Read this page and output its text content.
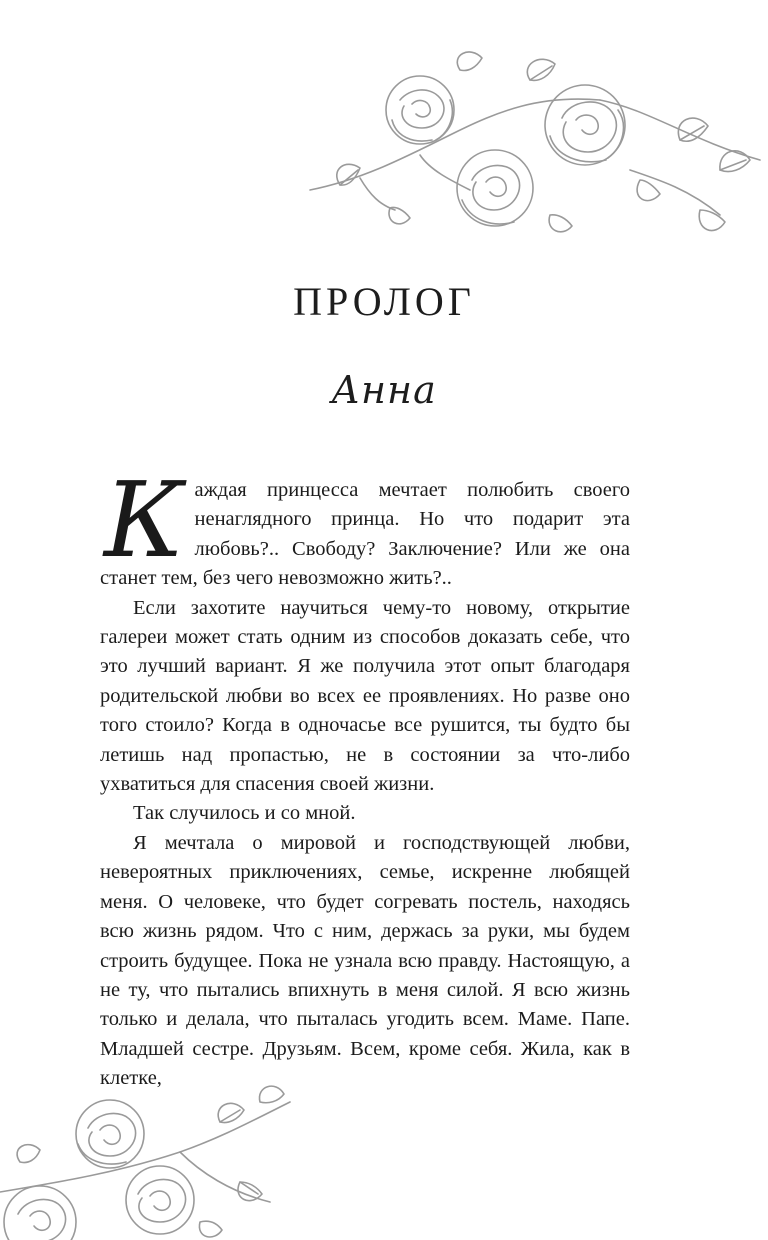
ПРОЛОГ
Анна

К аждая принцесса мечтает полюбить своего ненаглядного принца. Но что подарит эта любовь?.. Свободу? Заключение? Или же она станет тем, без чего невозможно жить?..

Если захотите научиться чему-то новому, открытие галереи может стать одним из способов доказать себе, что это лучший вариант. Я же получила этот опыт благодаря родительской любви во всех ее проявлениях. Но разве оно того стоило? Когда в одночасье все рушится, ты будто бы летишь над пропастью, не в состоянии за что-либо ухватиться для спасения своей жизни.

Так случилось и со мной.

Я мечтала о мировой и господствующей любви, невероятных приключениях, семье, искренне любящей меня. О человеке, что будет согревать постель, находясь всю жизнь рядом. Что с ним, держась за руки, мы будем строить будущее. Пока не узнала всю правду. Настоящую, а не ту, что пытались впихнуть в меня силой. Я всю жизнь только и делала, что пыталась угодить всем. Маме. Папе. Младшей сестре. Друзьям. Всем, кроме себя. Жила, как в клетке,
